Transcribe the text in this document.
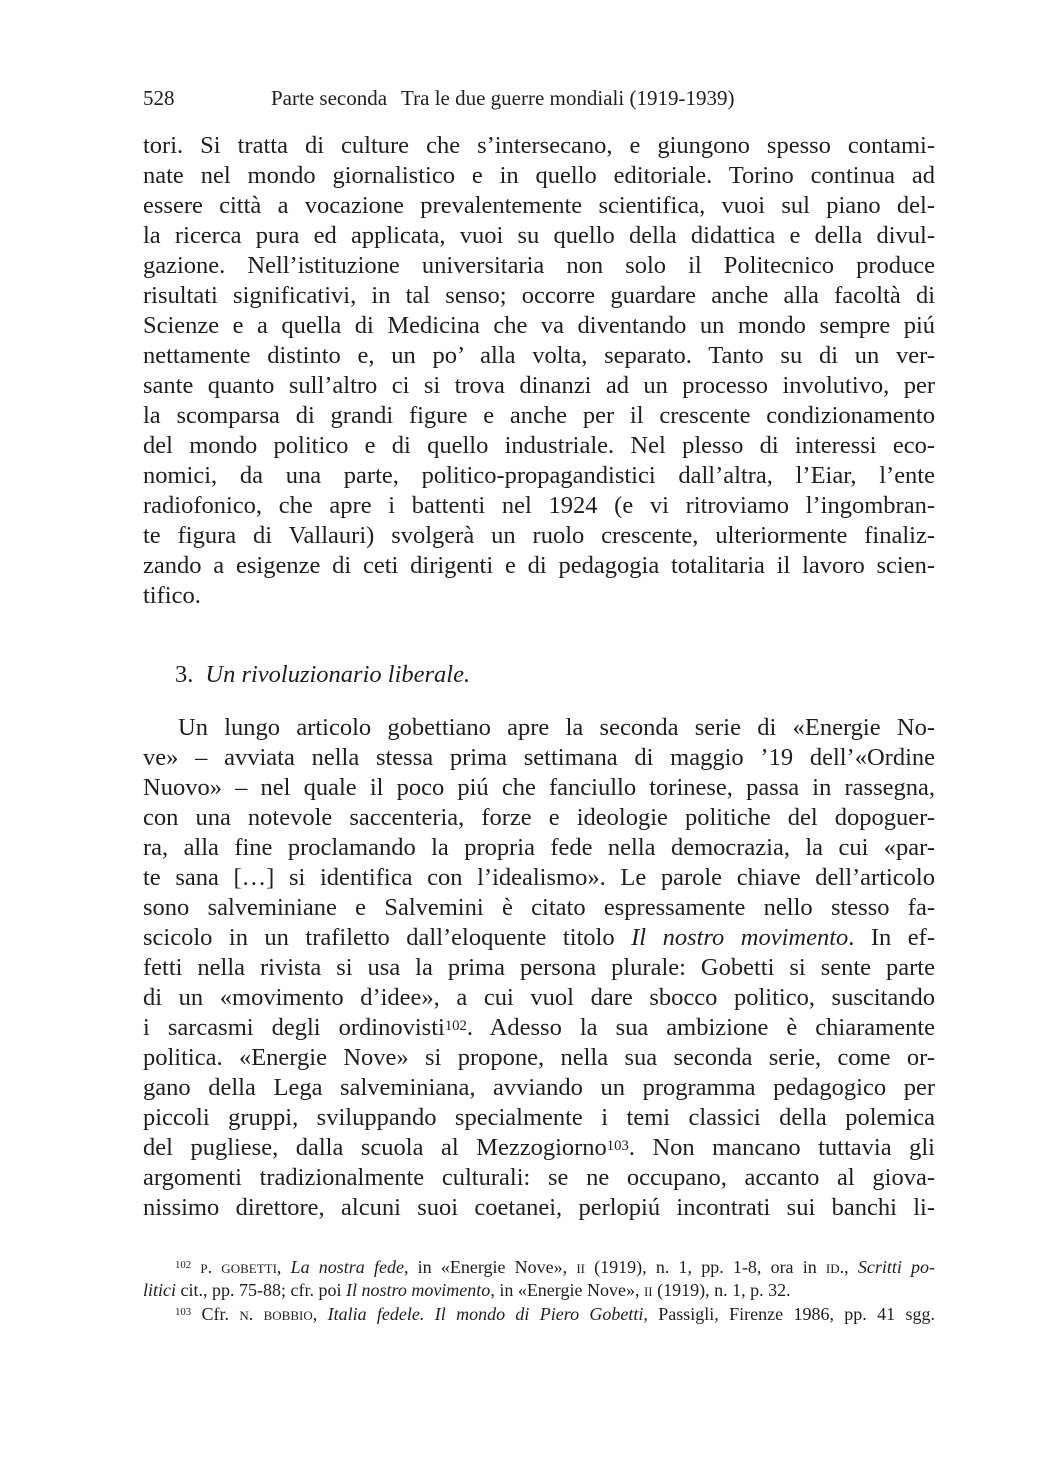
528	Parte seconda Tra le due guerre mondiali (1919-1939)
tori. Si tratta di culture che s’intersecano, e giungono spesso contami-
nate nel mondo giornalistico e in quello editoriale. Torino continua ad
essere città a vocazione prevalentemente scientifica, vuoi sul piano del-
la ricerca pura ed applicata, vuoi su quello della didattica e della divul-
gazione. Nell’istituzione universitaria non solo il Politecnico produce
risultati significativi, in tal senso; occorre guardare anche alla facoltà di
Scienze e a quella di Medicina che va diventando un mondo sempre piú
nettamente distinto e, un po’ alla volta, separato. Tanto su di un ver-
sante quanto sull’altro ci si trova dinanzi ad un processo involutivo, per
la scomparsa di grandi figure e anche per il crescente condizionamento
del mondo politico e di quello industriale. Nel plesso di interessi eco-
nomici, da una parte, politico-propagandistici dall’altra, l’Eiar, l’ente
radiofonico, che apre i battenti nel 1924 (e vi ritroviamo l’ingombran-
te figura di Vallauri) svolgerà un ruolo crescente, ulteriormente finaliz-
zando a esigenze di ceti dirigenti e di pedagogia totalitaria il lavoro scien-
tifico.
3. Un rivoluzionario liberale.
Un lungo articolo gobettiano apre la seconda serie di «Energie No-
ve» – avviata nella stessa prima settimana di maggio ’19 dell’«Ordine
Nuovo» – nel quale il poco piú che fanciullo torinese, passa in rassegna,
con una notevole saccenteria, forze e ideologie politiche del dopoguer-
ra, alla fine proclamando la propria fede nella democrazia, la cui «par-
te sana […] si identifica con l’idealismo». Le parole chiave dell’articolo
sono salveminiane e Salvemini è citato espressamente nello stesso fa-
scicolo in un trafiletto dall’eloquente titolo Il nostro movimento. In ef-
fetti nella rivista si usa la prima persona plurale: Gobetti si sente parte
di un «movimento d’idee», a cui vuol dare sbocco politico, suscitando
i sarcasmi degli ordinovisti$^{102}$. Adesso la sua ambizione è chiaramente
politica. «Energie Nove» si propone, nella sua seconda serie, come or-
gano della Lega salveminiana, avviando un programma pedagogico per
piccoli gruppi, sviluppando specialmente i temi classici della polemica
del pugliese, dalla scuola al Mezzogiorno$^{103}$. Non mancano tuttavia gli
argomenti tradizionalmente culturali: se ne occupano, accanto al giova-
nissimo direttore, alcuni suoi coetanei, perlopiú incontrati sui banchi li-
$^{102}$ p. gobetti, La nostra fede, in «Energie Nove», ii (1919), n. 1, pp. 1-8, ora in id., Scritti po-
litici cit., pp. 75-88; cfr. poi Il nostro movimento, in «Energie Nove», ii (1919), n. 1, p. 32.
$^{103}$ Cfr. n. bobbio, Italia fedele. Il mondo di Piero Gobetti, Passigli, Firenze 1986, pp. 41 sgg.
